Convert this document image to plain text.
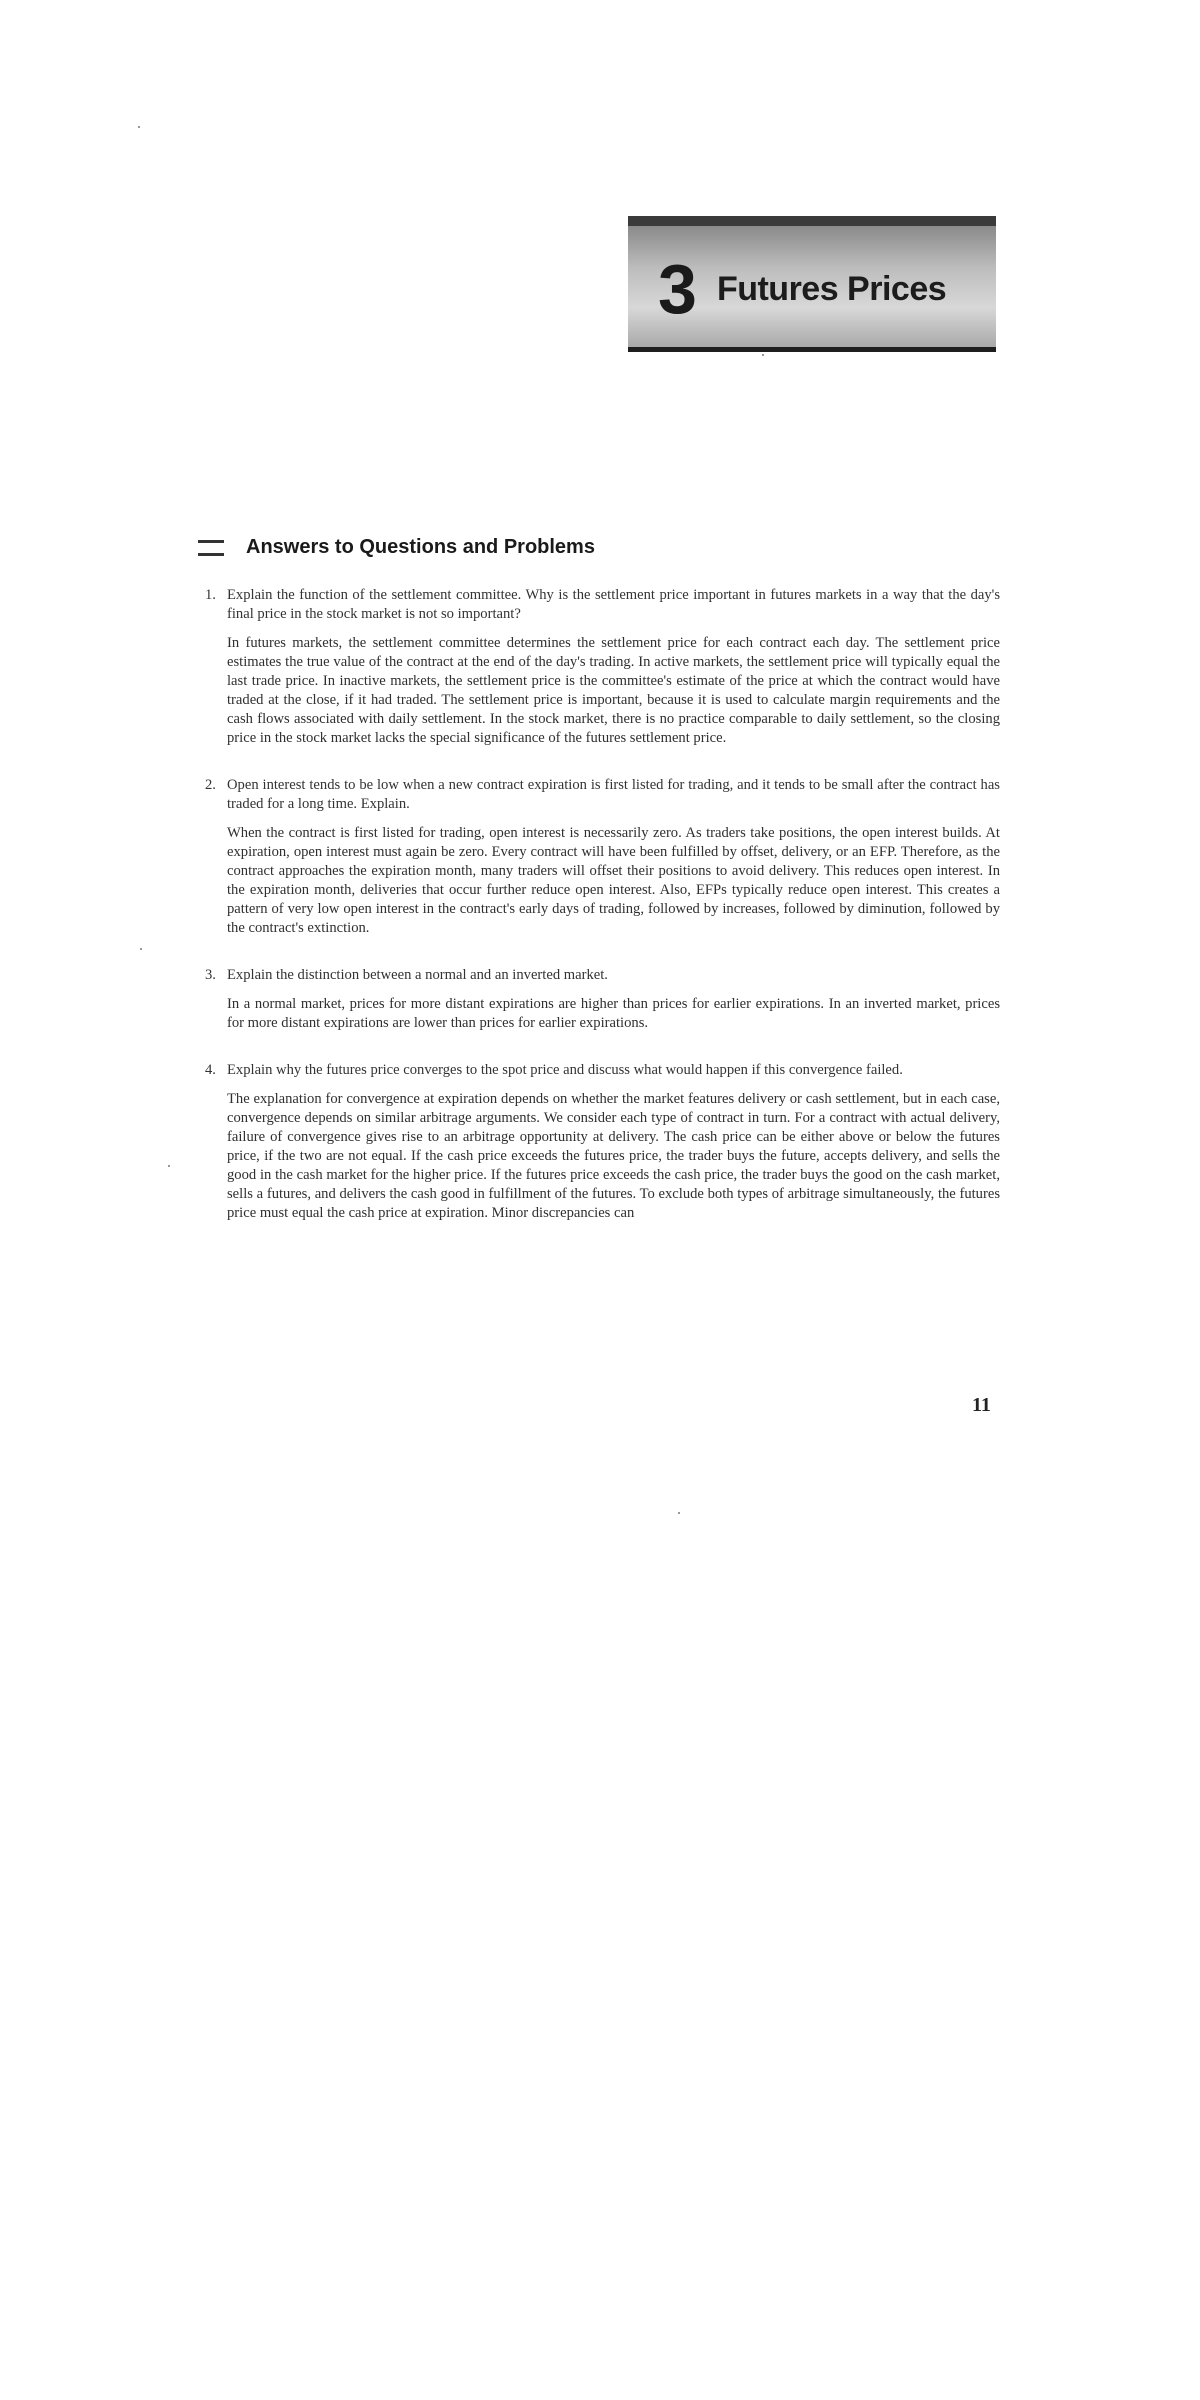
3 Futures Prices
Answers to Questions and Problems
1. Explain the function of the settlement committee. Why is the settlement price important in futures markets in a way that the day's final price in the stock market is not so important?
In futures markets, the settlement committee determines the settlement price for each contract each day. The settlement price estimates the true value of the contract at the end of the day's trading. In active markets, the settlement price will typically equal the last trade price. In inactive markets, the settlement price is the committee's estimate of the price at which the contract would have traded at the close, if it had traded. The settlement price is important, because it is used to calculate margin requirements and the cash flows associated with daily settlement. In the stock market, there is no practice comparable to daily settlement, so the closing price in the stock market lacks the special significance of the futures settlement price.
2. Open interest tends to be low when a new contract expiration is first listed for trading, and it tends to be small after the contract has traded for a long time. Explain.
When the contract is first listed for trading, open interest is necessarily zero. As traders take positions, the open interest builds. At expiration, open interest must again be zero. Every contract will have been fulfilled by offset, delivery, or an EFP. Therefore, as the contract approaches the expiration month, many traders will offset their positions to avoid delivery. This reduces open interest. In the expiration month, deliveries that occur further reduce open interest. Also, EFPs typically reduce open interest. This creates a pattern of very low open interest in the contract's early days of trading, followed by increases, followed by diminution, followed by the contract's extinction.
3. Explain the distinction between a normal and an inverted market.
In a normal market, prices for more distant expirations are higher than prices for earlier expirations. In an inverted market, prices for more distant expirations are lower than prices for earlier expirations.
4. Explain why the futures price converges to the spot price and discuss what would happen if this convergence failed.
The explanation for convergence at expiration depends on whether the market features delivery or cash settlement, but in each case, convergence depends on similar arbitrage arguments. We consider each type of contract in turn. For a contract with actual delivery, failure of convergence gives rise to an arbitrage opportunity at delivery. The cash price can be either above or below the futures price, if the two are not equal. If the cash price exceeds the futures price, the trader buys the future, accepts delivery, and sells the good in the cash market for the higher price. If the futures price exceeds the cash price, the trader buys the good on the cash market, sells a futures, and delivers the cash good in fulfillment of the futures. To exclude both types of arbitrage simultaneously, the futures price must equal the cash price at expiration. Minor discrepancies can
11
